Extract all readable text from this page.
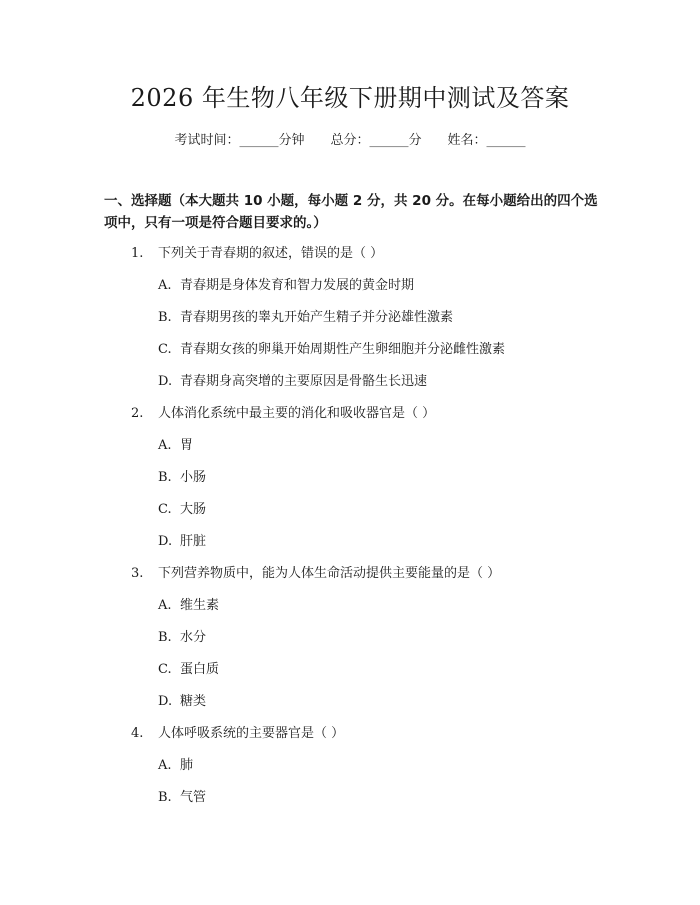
2026 年生物八年级下册期中测试及答案
考试时间：______分钟 总分：______分 姓名：______
一、选择题（本大题共 10 小题，每小题 2 分，共 20 分。在每小题给出的四个选
项中，只有一项是符合题目要求的。）
1. 下列关于青春期的叙述，错误的是（ ）
A. 青春期是身体发育和智力发展的黄金时期
B. 青春期男孩的睾丸开始产生精子并分泌雄性激素
C. 青春期女孩的卵巢开始周期性产生卵细胞并分泌雌性激素
D. 青春期身高突增的主要原因是骨骼生长迅速
2. 人体消化系统中最主要的消化和吸收器官是（ ）
A. 胃
B. 小肠
C. 大肠
D. 肝脏
3. 下列营养物质中，能为人体生命活动提供主要能量的是（ ）
A. 维生素
B. 水分
C. 蛋白质
D. 糖类
4. 人体呼吸系统的主要器官是（ ）
A. 肺
B. 气管
